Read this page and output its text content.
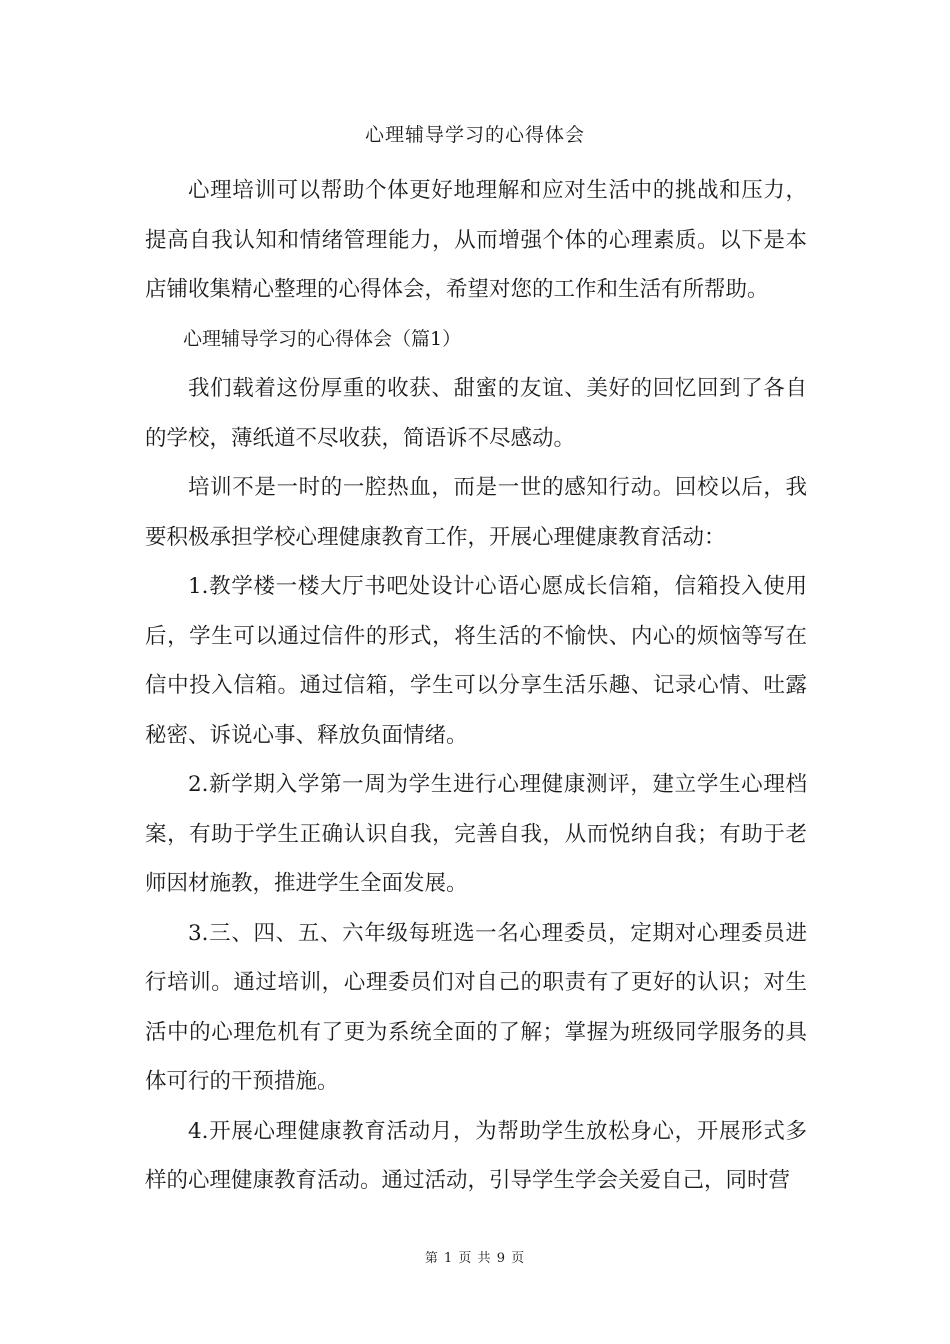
心理辅导学习的心得体会

心理培训可以帮助个体更好地理解和应对生活中的挑战和压力，提高自我认知和情绪管理能力，从而增强个体的心理素质。以下是本店铺收集精心整理的心得体会，希望对您的工作和生活有所帮助。

心理辅导学习的心得体会（篇1）

我们载着这份厚重的收获、甜蜜的友谊、美好的回忆回到了各自的学校，薄纸道不尽收获，简语诉不尽感动。

培训不是一时的一腔热血，而是一世的感知行动。回校以后，我要积极承担学校心理健康教育工作，开展心理健康教育活动：

1.教学楼一楼大厅书吧处设计心语心愿成长信箱，信箱投入使用后，学生可以通过信件的形式，将生活的不愉快、内心的烦恼等写在信中投入信箱。通过信箱，学生可以分享生活乐趣、记录心情、吐露秘密、诉说心事、释放负面情绪。

2.新学期入学第一周为学生进行心理健康测评，建立学生心理档案，有助于学生正确认识自我，完善自我，从而悦纳自我；有助于老师因材施教，推进学生全面发展。

3.三、四、五、六年级每班选一名心理委员，定期对心理委员进行培训。通过培训，心理委员们对自己的职责有了更好的认识；对生活中的心理危机有了更为系统全面的了解；掌握为班级同学服务的具体可行的干预措施。

4.开展心理健康教育活动月，为帮助学生放松身心，开展形式多样的心理健康教育活动。通过活动，引导学生学会关爱自己，同时营

第 1 页 共 9 页
